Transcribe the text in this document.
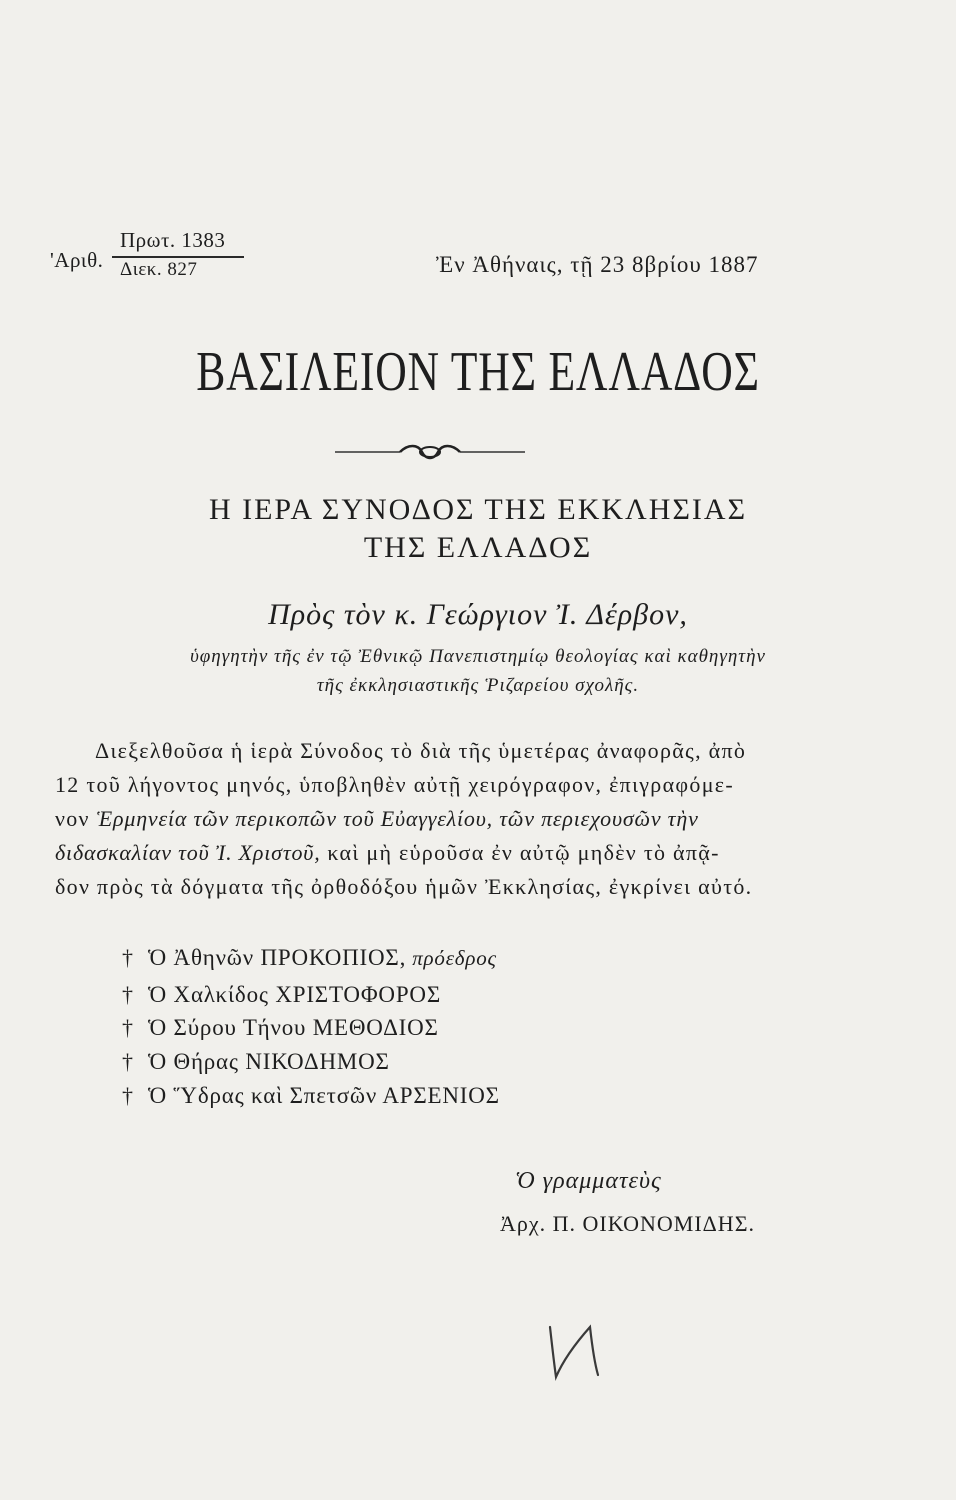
'Αριθ.
Πρωτ. 1383
Διεκ. 827	Ἐν Ἀθήναις, τῇ 23 8βρίου 1887
ΒΑΣΙΛΕΙΟΝ ΤΗΣ ΕΛΛΑΔΟΣ
Η ΙΕΡΑ ΣΥΝΟΔΟΣ ΤΗΣ ΕΚΚΛΗΣΙΑΣ
ΤΗΣ ΕΛΛΑΔΟΣ
Πρὸς τὸν κ. Γεώργιον Ἰ. Δέρβον,
ὑφηγητὴν τῆς ἐν τῷ Ἐθνικῷ Πανεπιστημίῳ θεολογίας καὶ καθηγητὴν
τῆς ἐκκλησιαστικῆς Ῥιζαρείου σχολῆς.
Διεξελθοῦσα ἡ ἱερὰ Σύνοδος τὸ διὰ τῆς ὑμετέρας ἀναφορᾶς, ἀπὸ
12 τοῦ λήγοντος μηνός, ὑποβληθὲν αὐτῇ χειρόγραφον, ἐπιγραφόμε-
νον Ἑρμηνεία τῶν περικοπῶν τοῦ Εὐαγγελίου, τῶν περιεχουσῶν τὴν
διδασκαλίαν τοῦ Ἰ. Χριστοῦ, καὶ μὴ εὑροῦσα ἐν αὐτῷ μηδὲν τὸ ἀπᾷ-
δον πρὸς τὰ δόγματα τῆς ὀρθοδόξου ἡμῶν Ἐκκλησίας, ἐγκρίνει αὐτό.
† Ὁ Ἀθηνῶν ΠΡΟΚΟΠΙΟΣ, πρόεδρος
† Ὁ Χαλκίδος ΧΡΙΣΤΟΦΟΡΟΣ
† Ὁ Σύρου Τήνου ΜΕΘΟΔΙΟΣ
† Ὁ Θήρας ΝΙΚΟΔΗΜΟΣ
† Ὁ Ὕδρας καὶ Σπετσῶν ΑΡΣΕΝΙΟΣ
Ὁ γραμματεὺς
Ἀρχ. Π. ΟΙΚΟΝΟΜΙΔΗΣ.
